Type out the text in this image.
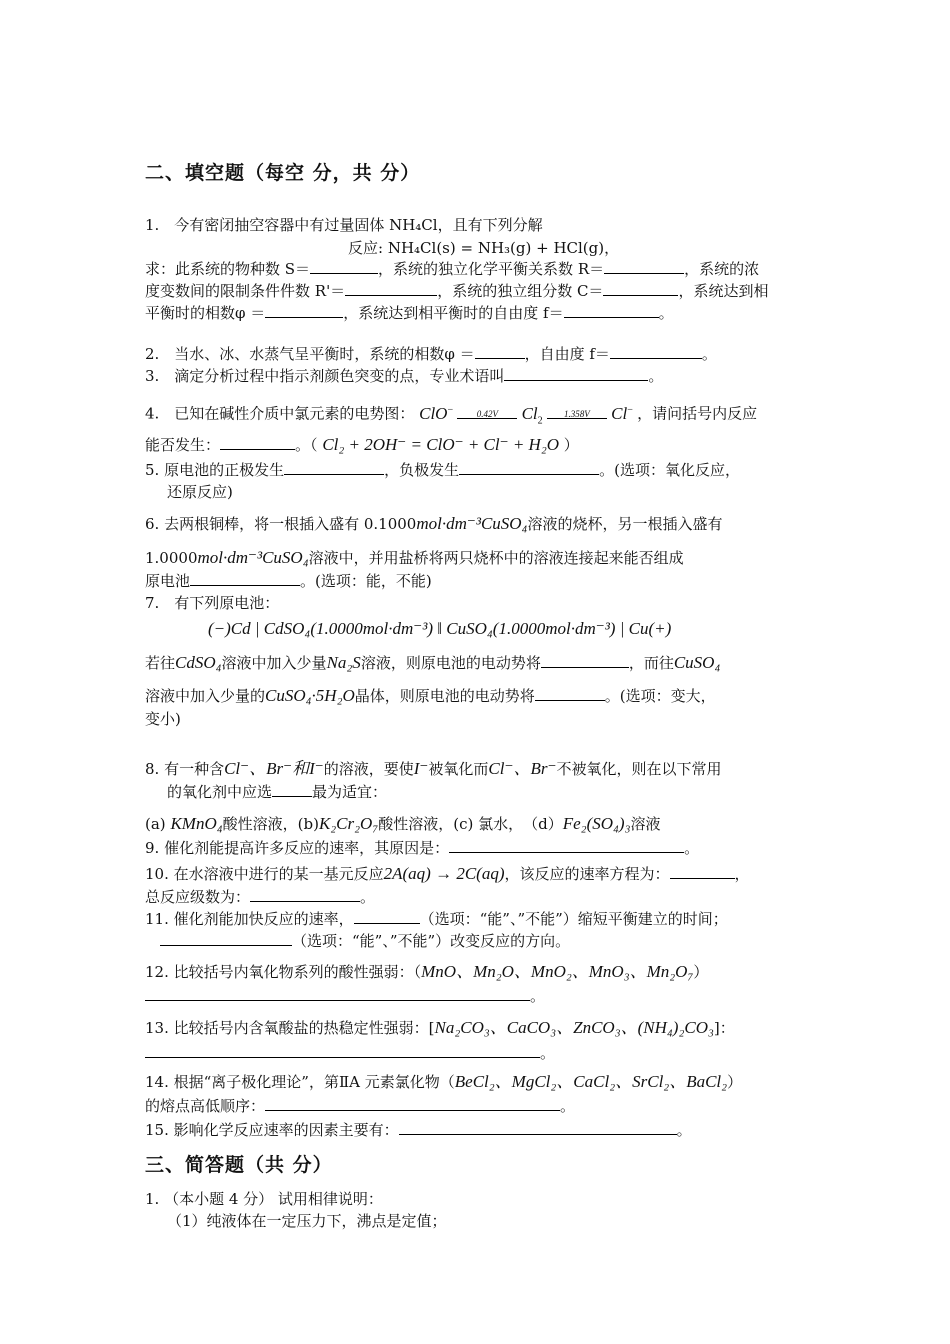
二、填空题（每空 分，共 分）
1.　今有密闭抽空容器中有过量固体 NH₄Cl，且有下列分解
反应: NH₄Cl(s) = NH₃(g) + HCl(g)，
求：此系统的物种数 S＝	，系统的独立化学平衡关系数 R＝	，系统的浓
度变数间的限制条件件数 R'＝	，系统的独立组分数 C＝	，系统达到相
平衡时的相数φ ＝	，系统达到相平衡时的自由度 f＝	。
2.　当水、冰、水蒸气呈平衡时，系统的相数φ ＝	，自由度 f＝	。
3.　滴定分析过程中指示剂颜色突变的点，专业术语叫	。
4.　已知在碱性介质中氯元素的电势图： ClO−	0.42V	$Cl_2$
1.358V	Cl− ，请问括号内反应
能否发生：	。（ Cl₂ + 2OH⁻ = ClO⁻ + Cl⁻ + H₂O ）
5. 原电池的正极发生	，负极发生	。(选项：氧化反应，
还原反应)
6. 去两根铜棒，将一根插入盛有 0.1000mol·dm⁻³CuSO₄溶液的烧杯，另一根插入盛有
1.0000mol·dm⁻³CuSO₄溶液中，并用盐桥将两只烧杯中的溶液连接起来能否组成
原电池	。(选项：能，不能)
7.　有下列原电池：
(−)Cd | CdSO₄(1.0000mol·dm⁻³) ‖ CuSO₄(1.0000mol·dm⁻³) | Cu(+)
若往CdSO₄溶液中加入少量Na₂S溶液，则原电池的电动势将	，而往CuSO₄
溶液中加入少量的CuSO₄·5H₂O晶体，则原电池的电动势将	。(选项：变大，
变小)
8. 有一种含Cl⁻、Br⁻和I⁻的溶液，要使I⁻被氧化而Cl⁻、Br⁻不被氧化，则在以下常用
的氧化剂中应选	最为适宜：
(a) KMnO₄酸性溶液，(b)K₂Cr₂O₇酸性溶液，(c) 氯水，　（d）Fe₂(SO₄)₃溶液
9. 催化剂能提高许多反应的速率，其原因是：	。
10. 在水溶液中进行的某一基元反应2A(aq) → 2C(aq)，该反应的速率方程为：	，
总反应级数为：	。
11. 催化剂能加快反应的速率，	（选项：“能”、”不能”）缩短平衡建立的时间；
（选项：“能”、”不能”）改变反应的方向。
12. 比较括号内氧化物系列的酸性强弱：（MnO、Mn₂O、MnO₂、MnO₃、Mn₂O₇）
。
13. 比较括号内含氧酸盐的热稳定性强弱：[Na₂CO₃、CaCO₃、ZnCO₃、(NH₄)₂CO₃]：
。
14. 根据“离子极化理论”，第ⅡA 元素氯化物（BeCl₂、MgCl₂、CaCl₂、SrCl₂、BaCl₂）
的熔点高低顺序：	。
15. 影响化学反应速率的因素主要有：	。
三、简答题（共 分）
1. （本小题 4 分） 试用相律说明：
（1）纯液体在一定压力下，沸点是定值；
